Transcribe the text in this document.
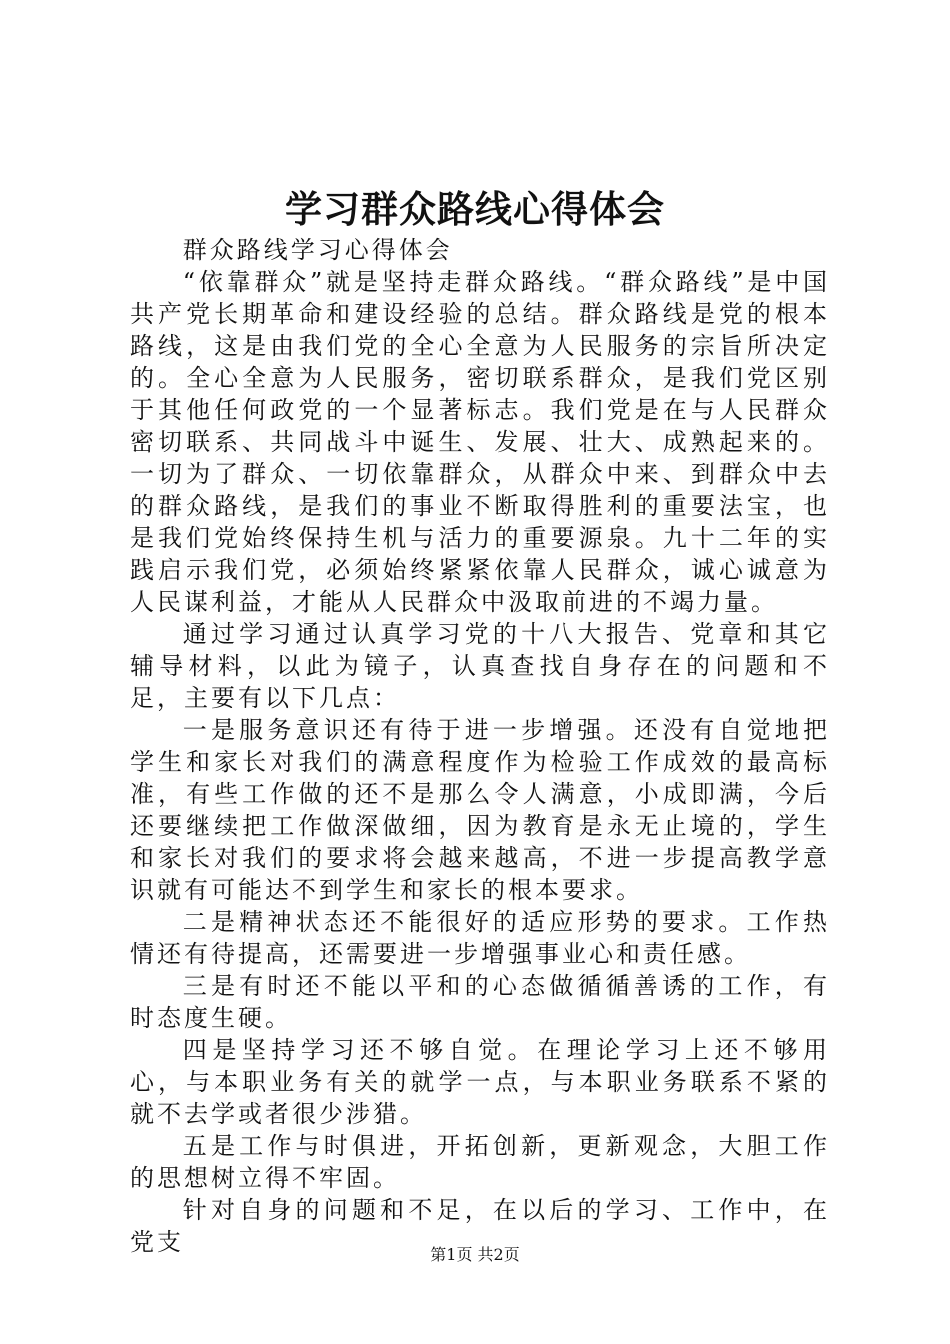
学习群众路线心得体会

群众路线学习心得体会

“依靠群众”就是坚持走群众路线。“群众路线”是中国共产党长期革命和建设经验的总结。群众路线是党的根本路线，这是由我们党的全心全意为人民服务的宗旨所决定的。全心全意为人民服务，密切联系群众，是我们党区别于其他任何政党的一个显著标志。我们党是在与人民群众密切联系、共同战斗中诞生、发展、壮大、成熟起来的。一切为了群众、一切依靠群众，从群众中来、到群众中去的群众路线，是我们的事业不断取得胜利的重要法宝，也是我们党始终保持生机与活力的重要源泉。九十二年的实践启示我们党，必须始终紧紧依靠人民群众，诚心诚意为人民谋利益，才能从人民群众中汲取前进的不竭力量。

通过学习通过认真学习党的十八大报告、党章和其它辅导材料，以此为镜子，认真查找自身存在的问题和不足，主要有以下几点：

一是服务意识还有待于进一步增强。还没有自觉地把学生和家长对我们的满意程度作为检验工作成效的最高标准，有些工作做的还不是那么令人满意，小成即满，今后还要继续把工作做深做细，因为教育是永无止境的，学生和家长对我们的要求将会越来越高，不进一步提高教学意识就有可能达不到学生和家长的根本要求。

二是精神状态还不能很好的适应形势的要求。工作热情还有待提高，还需要进一步增强事业心和责任感。

三是有时还不能以平和的心态做循循善诱的工作，有时态度生硬。

四是坚持学习还不够自觉。在理论学习上还不够用心，与本职业务有关的就学一点，与本职业务联系不紧的就不去学或者很少涉猎。

五是工作与时俱进，开拓创新，更新观念，大胆工作的思想树立得不牢固。

针对自身的问题和不足，在以后的学习、工作中，在党支	第1页 共2页
